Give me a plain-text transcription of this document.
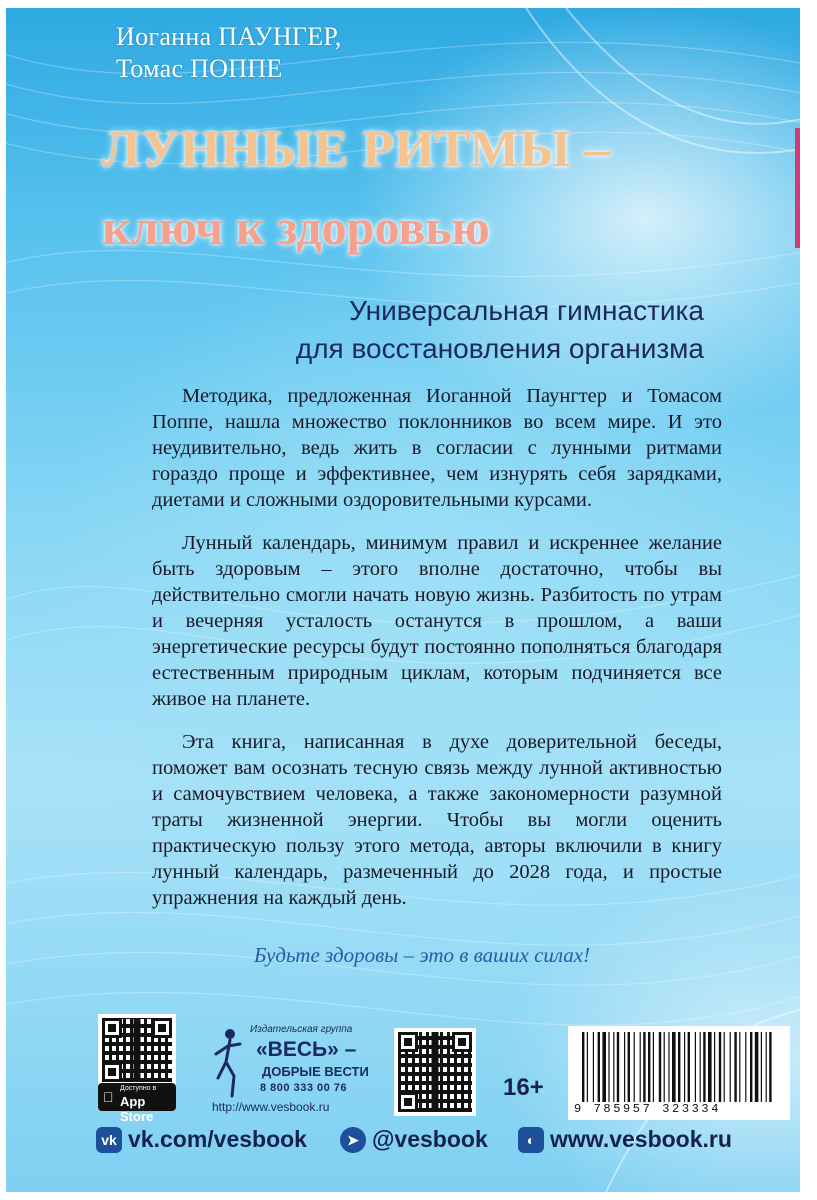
Иоганна ПАУНГЕР,
Томас ПОППЕ
ЛУННЫЕ РИТМЫ –
ключ к здоровью
Универсальная гимнастика
для восстановления организма

Методика, предложенная Иоганной Паунгтер и Томасом Поппе, нашла множество поклонников во всем мире. И это неудивительно, ведь жить в согласии с лунными ритмами гораздо проще и эффективнее, чем изнурять себя зарядками, диетами и сложными оздоровительными курсами.

Лунный календарь, минимум правил и искреннее желание быть здоровым – этого вполне достаточно, чтобы вы действительно смогли начать новую жизнь. Разбитость по утрам и вечерняя усталость останутся в прошлом, а ваши энергетические ресурсы будут постоянно пополняться благодаря естественным природным циклам, которым подчиняется все живое на планете.

Эта книга, написанная в духе доверительной беседы, поможет вам осознать тесную связь между лунной активностью и самочувствием человека, а также закономерности разумной траты жизненной энергии. Чтобы вы могли оценить практическую пользу этого метода, авторы включили в книгу лунный календарь, размеченный до 2028 года, и простые упражнения на каждый день.

Будьте здоровы – это в ваших силах!
Доступно в
App Store
Издательская группа
«ВЕСЬ» –
ДОБРЫЕ ВЕСТИ
8 800 333 00 76
http://www.vesbook.ru
16+
9 785957 323334
vk vk.com/vesbook	➤ @vesbook	◐ www.vesbook.ru
